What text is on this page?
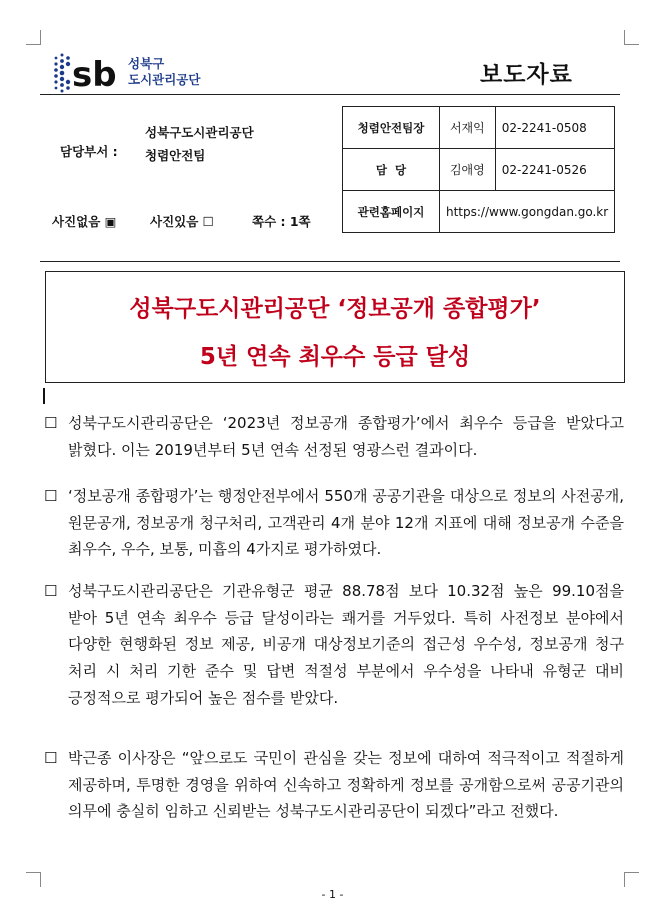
sb 성북구
도시관리공단	보도자료
담당부서 :
성북구도시관리공단
청렴안전팀
사진없음 ▣	사진있음 ☐	쪽수 : 1쪽
청렴안전팀장	서재익	02-2241-0508
담  당	김애영	02-2241-0526
관련홈페이지	https://www.gongdan.go.kr	
성북구도시관리공단 ‘정보공개 종합평가’
5년 연속 최우수 등급 달성
☐ 성북구도시관리공단은 ‘2023년 정보공개 종합평가’에서 최우수 등급을 받았다고 밝혔다. 이는 2019년부터 5년 연속 선정된 영광스런 결과이다.
☐ ‘정보공개 종합평가’는 행정안전부에서 550개 공공기관을 대상으로 정보의 사전공개, 원문공개, 정보공개 청구처리, 고객관리 4개 분야 12개 지표에 대해 정보공개 수준을 최우수, 우수, 보통, 미흡의 4가지로 평가하였다.
☐ 성북구도시관리공단은 기관유형군 평균 88.78점 보다 10.32점 높은 99.10점을 받아 5년 연속 최우수 등급 달성이라는 쾌거를 거두었다. 특히 사전정보 분야에서 다양한 현행화된 정보 제공, 비공개 대상정보기준의 접근성 우수성, 정보공개 청구 처리 시 처리 기한 준수 및 답변 적절성 부분에서 우수성을 나타내 유형군 대비 긍정적으로 평가되어 높은 점수를 받았다.
☐ 박근종 이사장은 “앞으로도 국민이 관심을 갖는 정보에 대하여 적극적이고 적절하게 제공하며, 투명한 경영을 위하여 신속하고 정확하게 정보를 공개함으로써 공공기관의 의무에 충실히 임하고 신뢰받는 성북구도시관리공단이 되겠다”라고 전했다.
- 1 -
